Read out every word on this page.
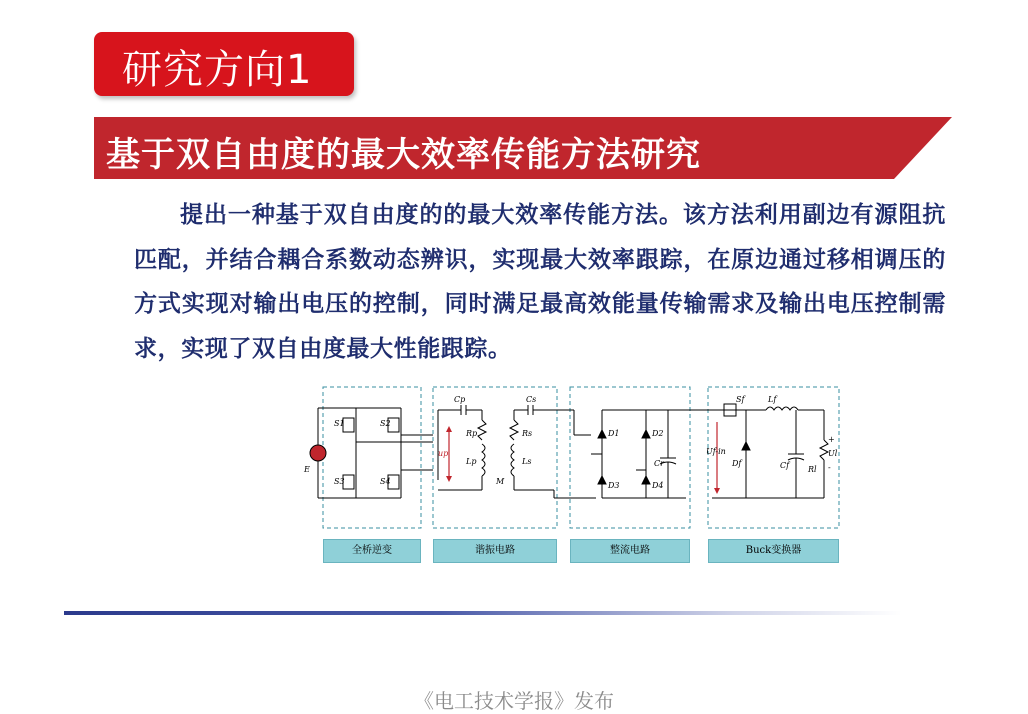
研究方向1
基于双自由度的最大效率传能方法研究
提出一种基于双自由度的的最大效率传能方法。该方法利用副边有源阻抗匹配，并结合耦合系数动态辨识，实现最大效率跟踪，在原边通过移相调压的方式实现对输出电压的控制，同时满足最高效能量传输需求及输出电压控制需求，实现了双自由度最大性能跟踪。
E
S1	S2
S3	S4
Cp
Rp
Lp
up
Cs
Rs
Ls
M
D1	D2
D3	D4
Cr
Sf	Lf
Df	Cf Rl
Uf-in	Ul
+
-
全桥逆变	谐振电路	整流电路	Buck变换器
《电工技术学报》发布
